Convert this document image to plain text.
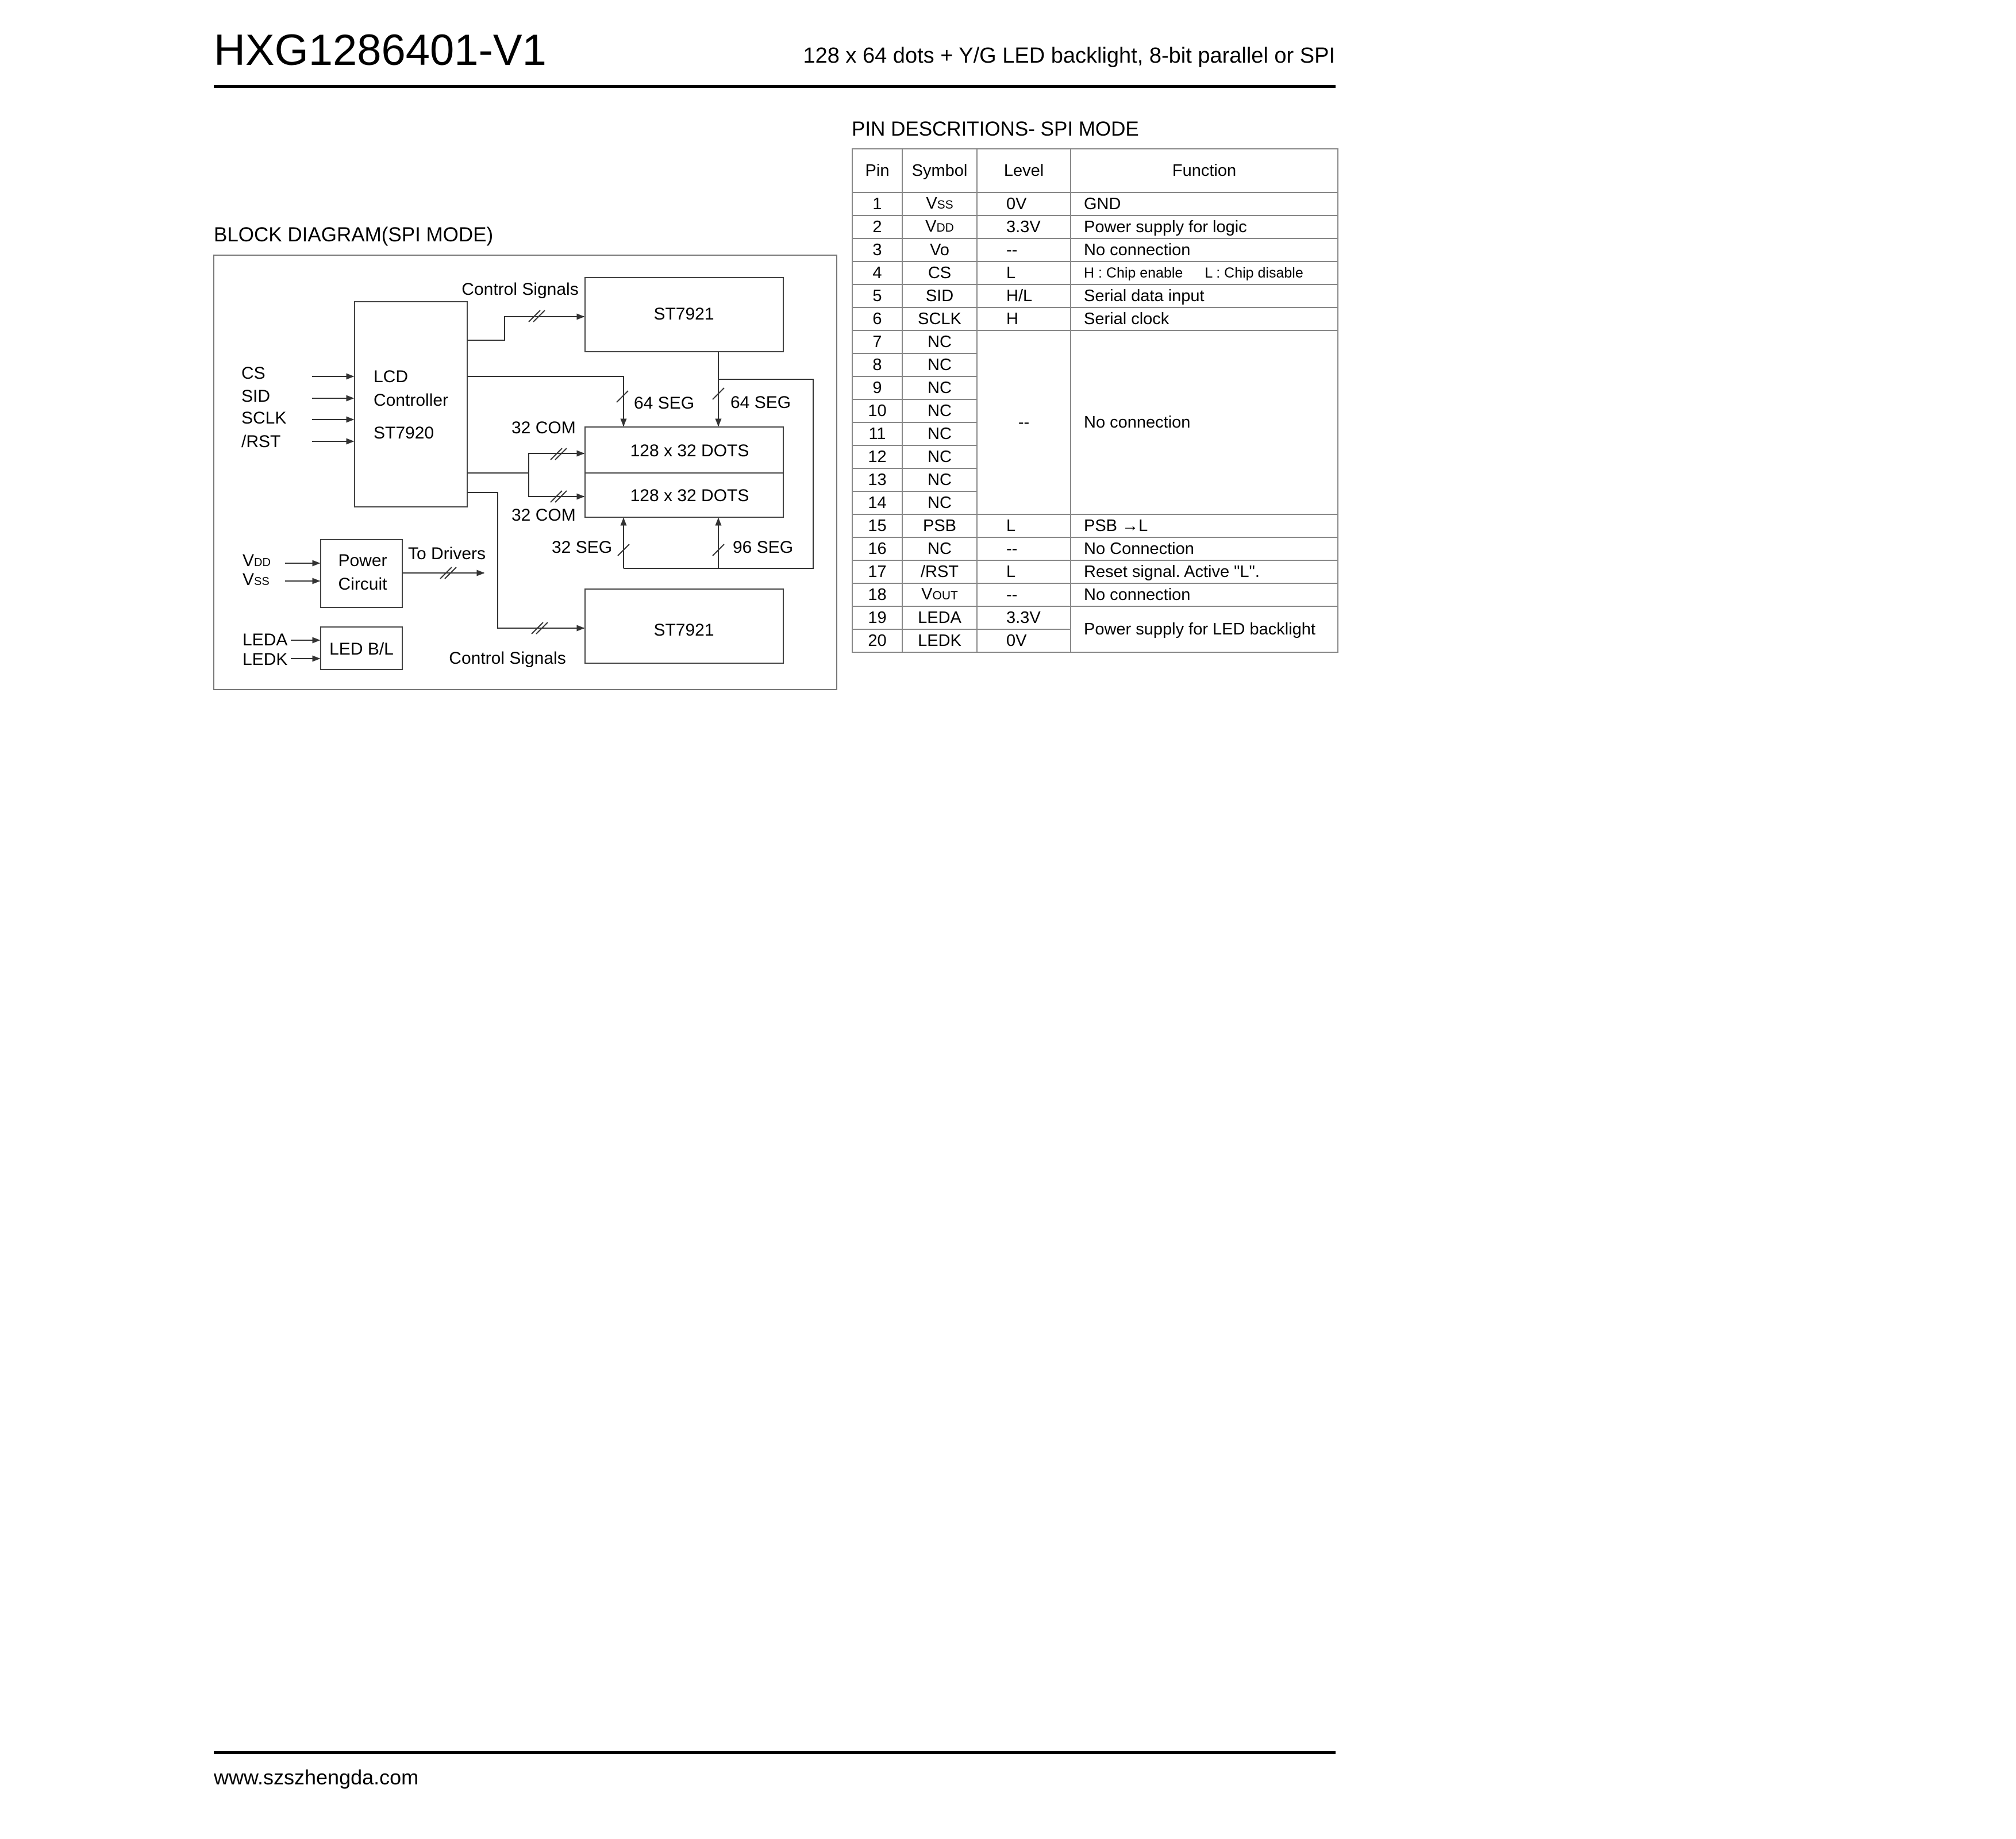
HXG1286401-V1	128 x 64 dots + Y/G LED backlight, 8-bit parallel or SPI
BLOCK DIAGRAM(SPI MODE)
LCD
Controller
ST7920
CS
SID
SCLK
/RST
ST7921
Control Signals
128 x 32 DOTS
128 x 32 DOTS
64 SEG 64 SEG
32 COM
32 COM
32 SEG	96 SEG
ST7921
Control Signals
Power
Circuit
To Drivers
VDD
VSS
LED B/L
LEDA
LEDK
PIN DESCRITIONS- SPI MODE
Pin	Symbol	Level	Function
1	VSS	0V	GND
2	VDD	3.3V	Power supply for logic
3	Vo	--	No connection
4	CS	L	H : Chip enable L : Chip disable
5	SID	H/L	Serial data input
6	SCLK	H	Serial clock
7	NC	--	No connection
8	NC		
9	NC		
10	NC		
11	NC		
12	NC		
13	NC		
14	NC		
15	PSB	L	PSB →L
16	NC	--	No Connection
17	/RST	L	Reset signal. Active "L".
18	VOUT	--	No connection
19	LEDA	3.3V	Power supply for LED backlight
20	LEDK	0V	
www.szszhengda.com
